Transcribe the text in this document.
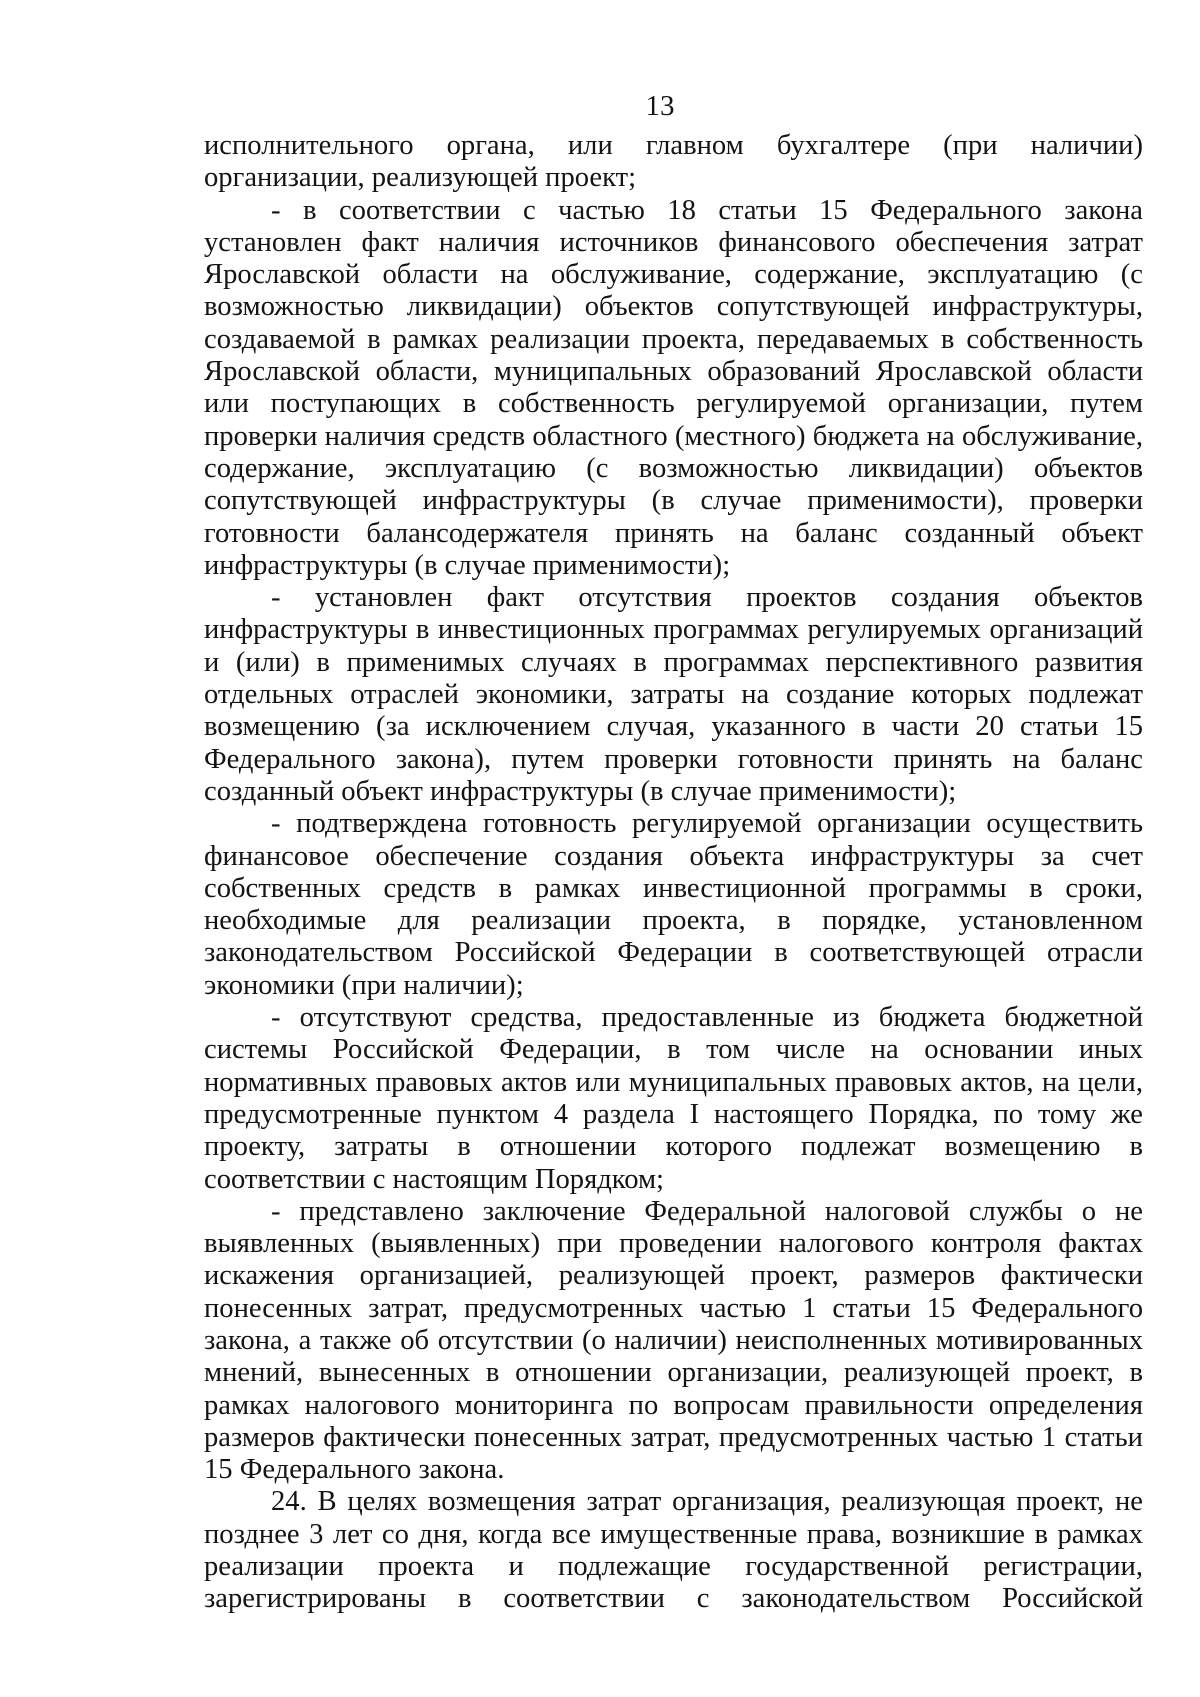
13

исполнительного органа, или главном бухгалтере (при наличии) организации, реализующей проект;

- в соответствии с частью 18 статьи 15 Федерального закона установлен факт наличия источников финансового обеспечения затрат Ярославской области на обслуживание, содержание, эксплуатацию (с возможностью ликвидации) объектов сопутствующей инфраструктуры, создаваемой в рамках реализации проекта, передаваемых в собственность Ярославской области, муниципальных образований Ярославской области или поступающих в собственность регулируемой организации, путем проверки наличия средств областного (местного) бюджета на обслуживание, содержание, эксплуатацию (с возможностью ликвидации) объектов сопутствующей инфраструктуры (в случае применимости), проверки готовности балансодержателя принять на баланс созданный объект инфраструктуры (в случае применимости);

- установлен факт отсутствия проектов создания объектов инфраструктуры в инвестиционных программах регулируемых организаций и (или) в применимых случаях в программах перспективного развития отдельных отраслей экономики, затраты на создание которых подлежат возмещению (за исключением случая, указанного в части 20 статьи 15 Федерального закона), путем проверки готовности принять на баланс созданный объект инфраструктуры (в случае применимости);

- подтверждена готовность регулируемой организации осуществить финансовое обеспечение создания объекта инфраструктуры за счет собственных средств в рамках инвестиционной программы в сроки, необходимые для реализации проекта, в порядке, установленном законодательством Российской Федерации в соответствующей отрасли экономики (при наличии);

- отсутствуют средства, предоставленные из бюджета бюджетной системы Российской Федерации, в том числе на основании иных нормативных правовых актов или муниципальных правовых актов, на цели, предусмотренные пунктом 4 раздела I настоящего Порядка, по тому же проекту, затраты в отношении которого подлежат возмещению в соответствии с настоящим Порядком;

- представлено заключение Федеральной налоговой службы о не выявленных (выявленных) при проведении налогового контроля фактах искажения организацией, реализующей проект, размеров фактически понесенных затрат, предусмотренных частью 1 статьи 15 Федерального закона, а также об отсутствии (о наличии) неисполненных мотивированных мнений, вынесенных в отношении организации, реализующей проект, в рамках налогового мониторинга по вопросам правильности определения размеров фактически понесенных затрат, предусмотренных частью 1 статьи 15 Федерального закона.

24. В целях возмещения затрат организация, реализующая проект, не позднее 3 лет со дня, когда все имущественные права, возникшие в рамках реализации проекта и подлежащие государственной регистрации, зарегистрированы в соответствии с законодательством Российской
